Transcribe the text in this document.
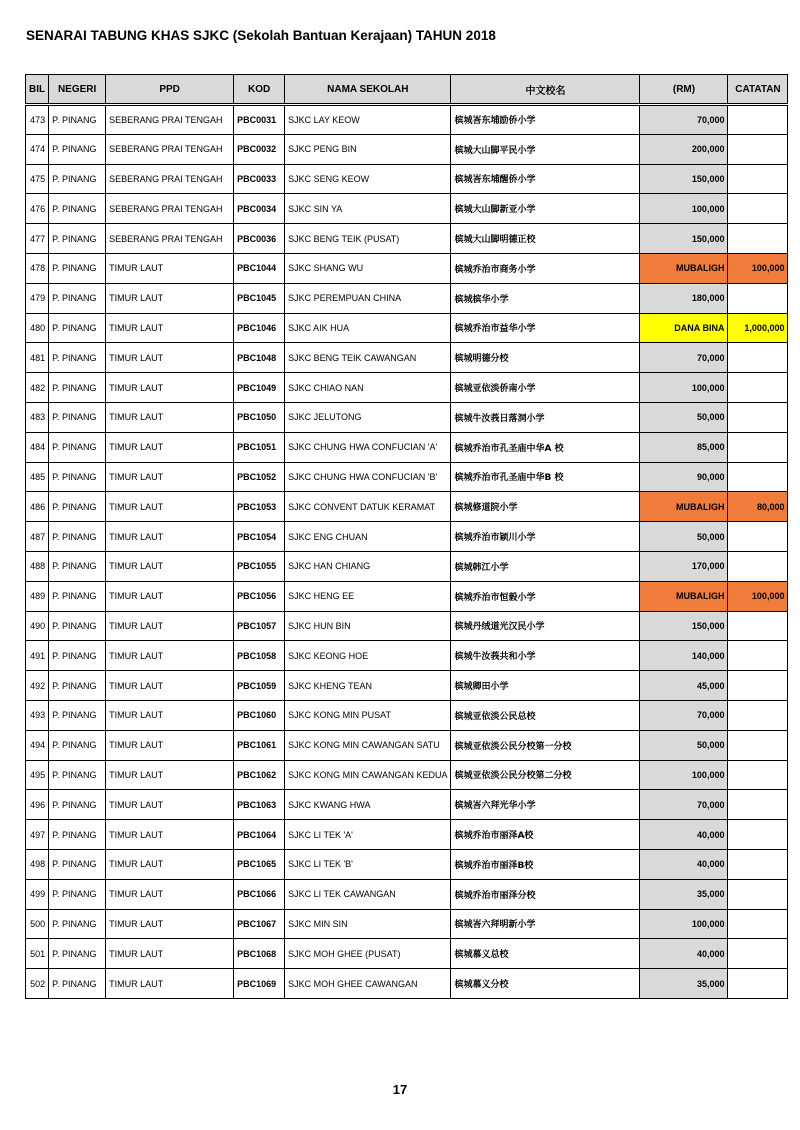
SENARAI TABUNG KHAS SJKC (Sekolah Bantuan Kerajaan) TAHUN 2018
BIL	NEGERI	PPD	KOD	NAMA SEKOLAH	中文校名	(RM)	CATATAN
473	P. PINANG	SEBERANG PRAI TENGAH	PBC0031	SJKC LAY KEOW	槟城峇东埔励侨小学	70,000	
474	P. PINANG	SEBERANG PRAI TENGAH	PBC0032	SJKC PENG BIN	槟城大山脚平民小学	200,000	
475	P. PINANG	SEBERANG PRAI TENGAH	PBC0033	SJKC SENG KEOW	槟城峇东埔醒侨小学	150,000	
476	P. PINANG	SEBERANG PRAI TENGAH	PBC0034	SJKC SIN YA	槟城大山脚新亚小学	100,000	
477	P. PINANG	SEBERANG PRAI TENGAH	PBC0036	SJKC BENG TEIK (PUSAT)	槟城大山脚明德正校	150,000	
478	P. PINANG	TIMUR LAUT	PBC1044	SJKC SHANG WU	槟城乔治市商务小学	MUBALIGH	100,000
479	P. PINANG	TIMUR LAUT	PBC1045	SJKC PEREMPUAN CHINA	槟城槟华小学	180,000	
480	P. PINANG	TIMUR LAUT	PBC1046	SJKC AIK HUA	槟城乔治市益华小学	DANA BINA	1,000,000
481	P. PINANG	TIMUR LAUT	PBC1048	SJKC BENG TEIK CAWANGAN	槟城明德分校	70,000	
482	P. PINANG	TIMUR LAUT	PBC1049	SJKC CHIAO NAN	槟城亚依淡侨南小学	100,000	
483	P. PINANG	TIMUR LAUT	PBC1050	SJKC JELUTONG	槟城牛汝莪日落洞小学	50,000	
484	P. PINANG	TIMUR LAUT	PBC1051	SJKC CHUNG HWA CONFUCIAN 'A'	槟城乔治市孔圣庙中华A 校	85,000	
485	P. PINANG	TIMUR LAUT	PBC1052	SJKC CHUNG HWA CONFUCIAN 'B'	槟城乔治市孔圣庙中华B 校	90,000	
486	P. PINANG	TIMUR LAUT	PBC1053	SJKC CONVENT DATUK KERAMAT	槟城修道院小学	MUBALIGH	80,000
487	P. PINANG	TIMUR LAUT	PBC1054	SJKC ENG CHUAN	槟城乔治市颖川小学	50,000	
488	P. PINANG	TIMUR LAUT	PBC1055	SJKC HAN CHIANG	槟城韩江小学	170,000	
489	P. PINANG	TIMUR LAUT	PBC1056	SJKC HENG EE	槟城乔治市恒毅小学	MUBALIGH	100,000
490	P. PINANG	TIMUR LAUT	PBC1057	SJKC HUN BIN	槟城丹绒道光汉民小学	150,000	
491	P. PINANG	TIMUR LAUT	PBC1058	SJKC KEONG HOE	槟城牛汝莪共和小学	140,000	
492	P. PINANG	TIMUR LAUT	PBC1059	SJKC KHENG TEAN	槟城卿田小学	45,000	
493	P. PINANG	TIMUR LAUT	PBC1060	SJKC KONG MIN PUSAT	槟城亚依淡公民总校	70,000	
494	P. PINANG	TIMUR LAUT	PBC1061	SJKC KONG MIN CAWANGAN SATU	槟城亚依淡公民分校第一分校	50,000	
495	P. PINANG	TIMUR LAUT	PBC1062	SJKC KONG MIN CAWANGAN KEDUA	槟城亚依淡公民分校第二分校	100,000	
496	P. PINANG	TIMUR LAUT	PBC1063	SJKC KWANG HWA	槟城峇六拜光华小学	70,000	
497	P. PINANG	TIMUR LAUT	PBC1064	SJKC LI TEK 'A'	槟城乔治市丽泽A校	40,000	
498	P. PINANG	TIMUR LAUT	PBC1065	SJKC LI TEK 'B'	槟城乔治市丽泽B校	40,000	
499	P. PINANG	TIMUR LAUT	PBC1066	SJKC LI TEK CAWANGAN	槟城乔治市丽泽分校	35,000	
500	P. PINANG	TIMUR LAUT	PBC1067	SJKC MIN SIN	槟城峇六拜明新小学	100,000	
501	P. PINANG	TIMUR LAUT	PBC1068	SJKC MOH GHEE (PUSAT)	槟城慕义总校	40,000	
502	P. PINANG	TIMUR LAUT	PBC1069	SJKC MOH GHEE CAWANGAN	槟城慕义分校	35,000	
17
